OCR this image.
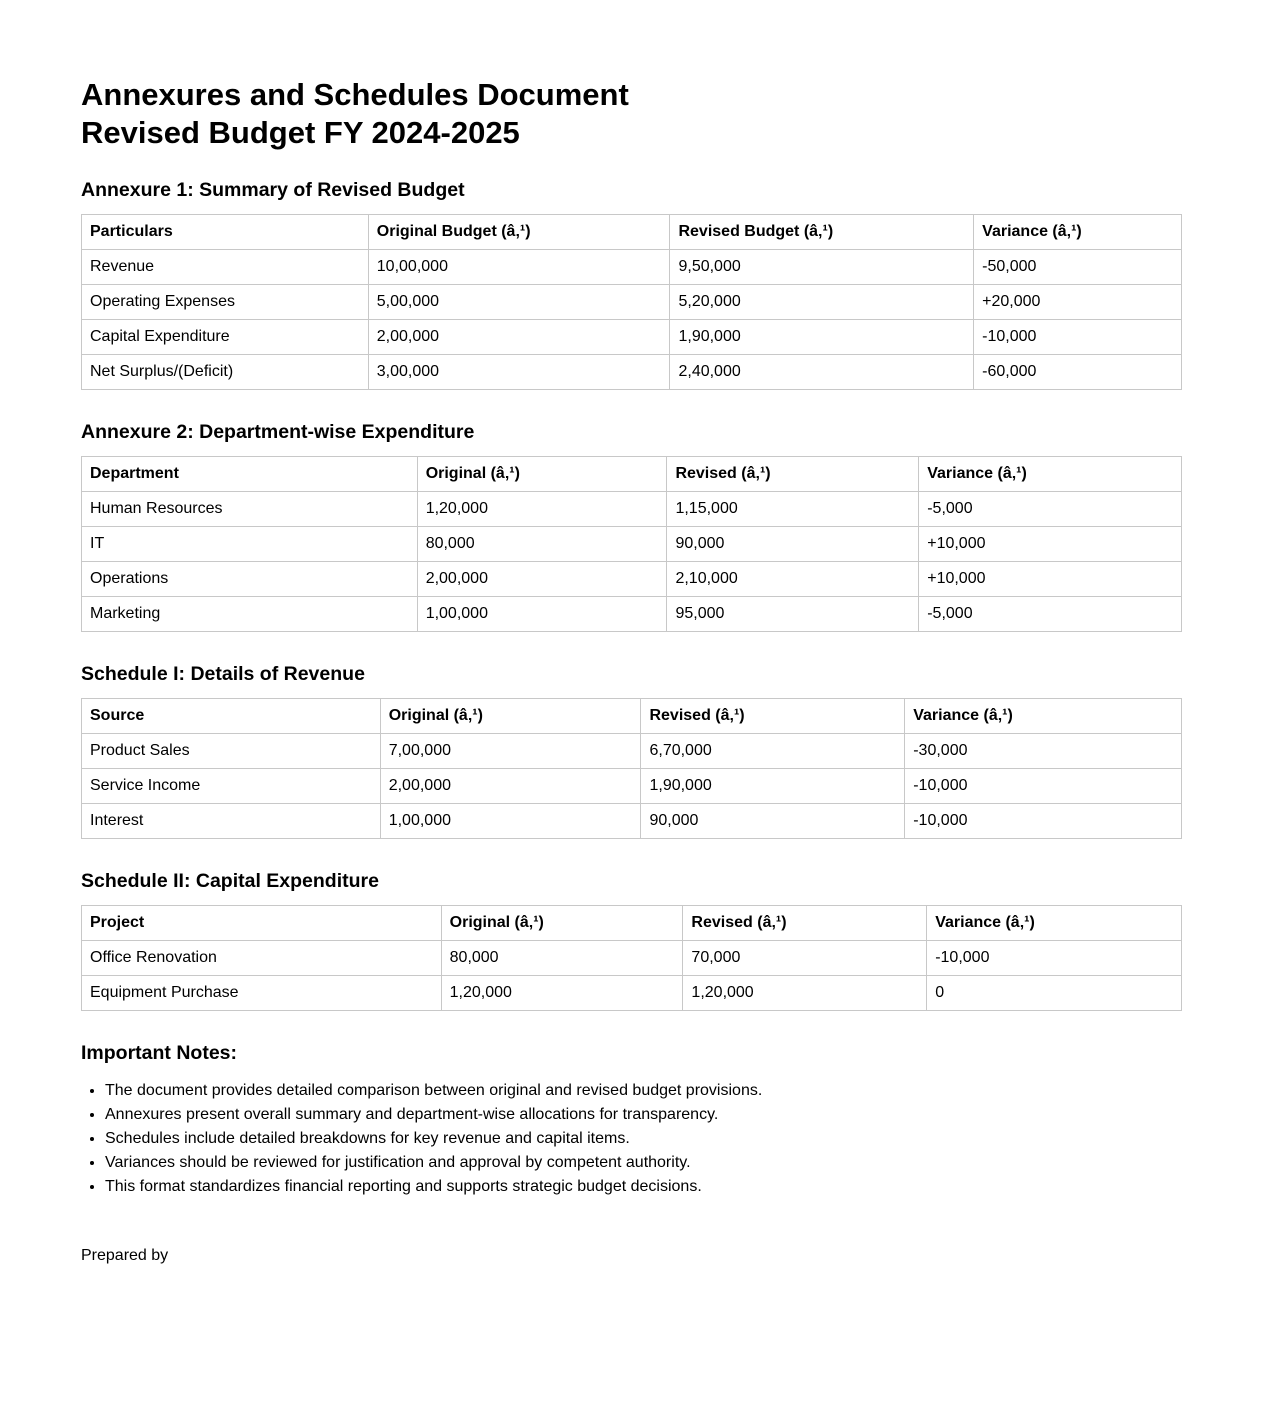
Annexures and Schedules Document
Revised Budget FY 2024-2025
Annexure 1: Summary of Revised Budget
Particulars	Original Budget (â‚¹)	Revised Budget (â‚¹)	Variance (â‚¹)
Revenue	10,00,000	9,50,000	-50,000
Operating Expenses	5,00,000	5,20,000	+20,000
Capital Expenditure	2,00,000	1,90,000	-10,000
Net Surplus/(Deficit)	3,00,000	2,40,000	-60,000
Annexure 2: Department-wise Expenditure
Department	Original (â‚¹)	Revised (â‚¹)	Variance (â‚¹)
Human Resources	1,20,000	1,15,000	-5,000
IT	80,000	90,000	+10,000
Operations	2,00,000	2,10,000	+10,000
Marketing	1,00,000	95,000	-5,000
Schedule I: Details of Revenue
Source	Original (â‚¹)	Revised (â‚¹)	Variance (â‚¹)
Product Sales	7,00,000	6,70,000	-30,000
Service Income	2,00,000	1,90,000	-10,000
Interest	1,00,000	90,000	-10,000
Schedule II: Capital Expenditure
Project	Original (â‚¹)	Revised (â‚¹)	Variance (â‚¹)
Office Renovation	80,000	70,000	-10,000
Equipment Purchase	1,20,000	1,20,000	0
Important Notes:
• The document provides detailed comparison between original and revised budget provisions.
• Annexures present overall summary and department-wise allocations for transparency.
• Schedules include detailed breakdowns for key revenue and capital items.
• Variances should be reviewed for justification and approval by competent authority.
• This format standardizes financial reporting and supports strategic budget decisions.
Prepared by
